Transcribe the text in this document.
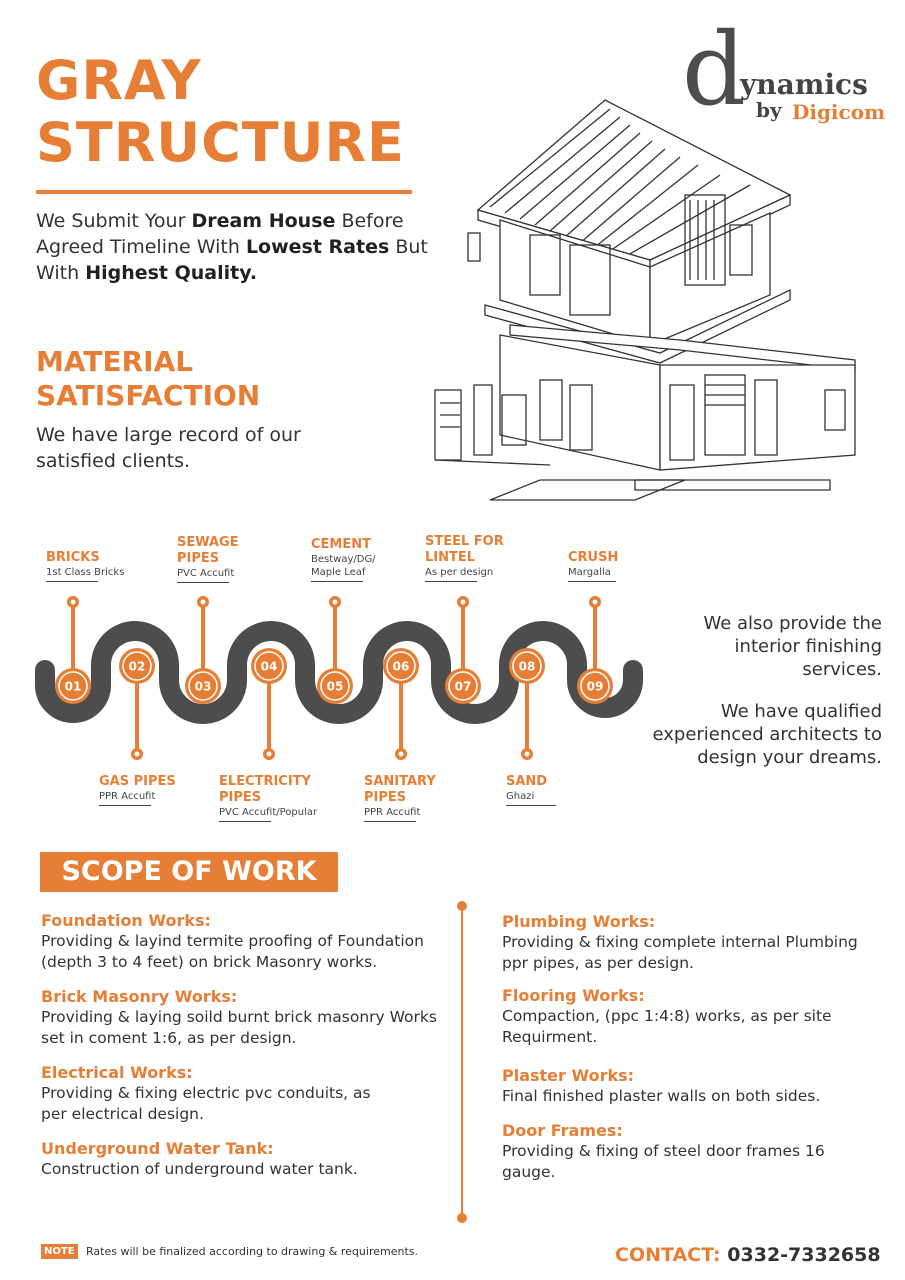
GRAY
STRUCTURE
We Submit Your Dream House Before Agreed Timeline With Lowest Rates But With Highest Quality.
MATERIAL
SATISFACTION
We have large record of our satisfied clients.
d
ynamics
by Digicom
01
02
03
04
05
06
07
08
09
BRICKS
1st Class Bricks
SEWAGE PIPES
PVC Accufit
CEMENT
Bestway/DG/ Maple Leaf
STEEL FOR LINTEL
As per design
CRUSH
Margalla
GAS PIPES
PPR Accufit
ELECTRICITY PIPES
PVC Accufit/Popular
SANITARY PIPES
PPR Accufit
SAND
Ghazi
We also provide the interior finishing services.
We have qualified experienced architects to design your dreams.
SCOPE OF WORK
Foundation Works:
Providing & layind termite proofing of Foundation (depth 3 to 4 feet) on brick Masonry works.
Brick Masonry Works:
Providing & laying soild burnt brick masonry Works set in coment 1:6, as per design.
Electrical Works:
Providing & fixing electric pvc conduits, as per electrical design.
Underground Water Tank:
Construction of underground water tank.
Plumbing Works:
Providing & fixing complete internal Plumbing ppr pipes, as per design.
Flooring Works:
Compaction, (ppc 1:4:8) works, as per site Requirment.
Plaster Works:
Final finished plaster walls on both sides.
Door Frames:
Providing & fixing of steel door frames 16 gauge.
NOTE Rates will be finalized according to drawing & requirements.	CONTACT: 0332-7332658
